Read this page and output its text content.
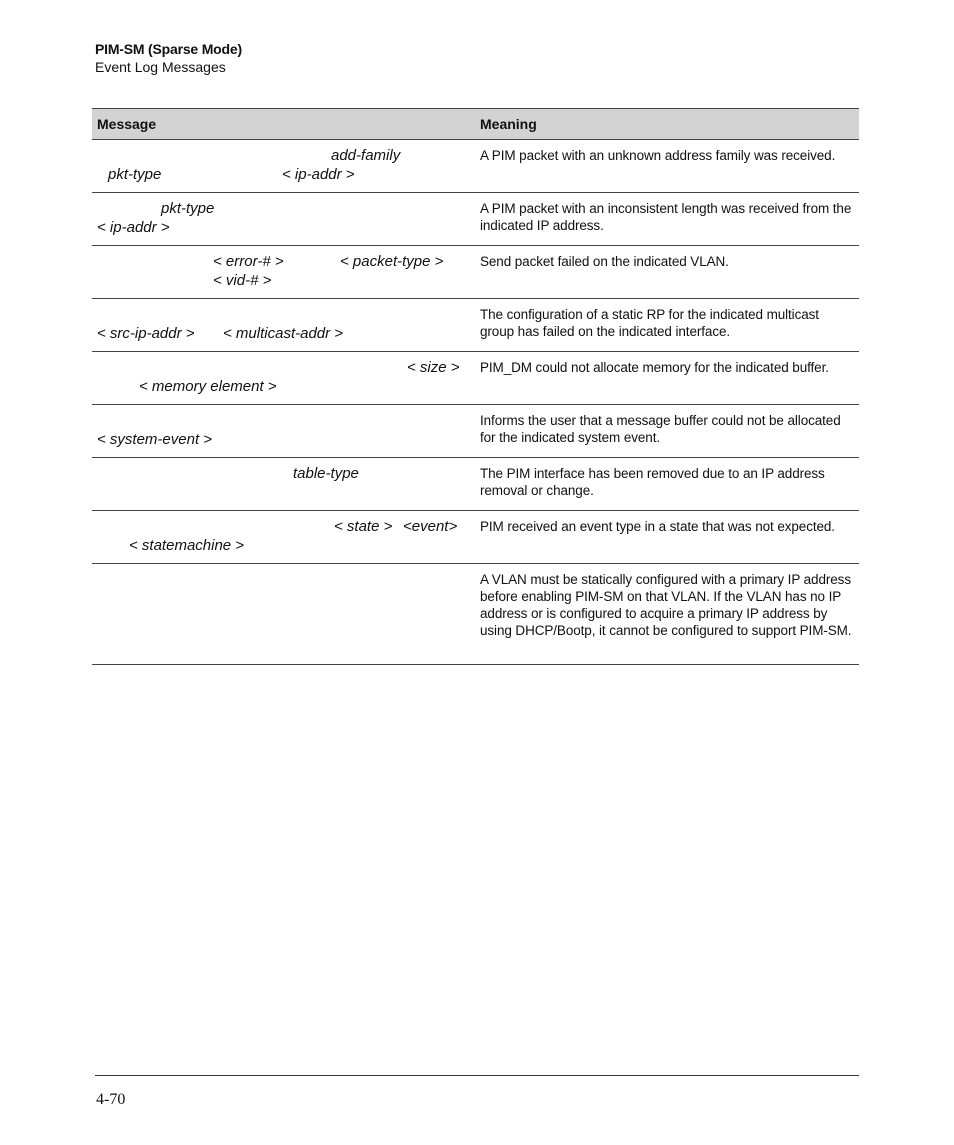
PIM-SM (Sparse Mode)
Event Log Messages
Message	Meaning

add-family
pkt-type < ip-addr >	A PIM packet with an unknown address family was received.

pkt-type
< ip-addr >	A PIM packet with an inconsistent length was received from the indicated IP address.

< error-# > < packet-type >
< vid-# >	Send packet failed on the indicated VLAN.

< src-ip-addr > < multicast-addr >	The configuration of a static RP for the indicated multicast group has failed on the indicated interface.

< size >
< memory element >	PIM_DM could not allocate memory for the indicated buffer.

< system-event >	Informs the user that a message buffer could not be allocated for the indicated system event.

table-type	The PIM interface has been removed due to an IP address removal or change.

< state > <event>
< statemachine >	PIM received an event type in a state that was not expected.
	A VLAN must be statically configured with a primary IP address before enabling PIM-SM on that VLAN. If the VLAN has no IP address or is configured to acquire a primary IP address by using DHCP/Bootp, it cannot be configured to support PIM-SM.
4-70
